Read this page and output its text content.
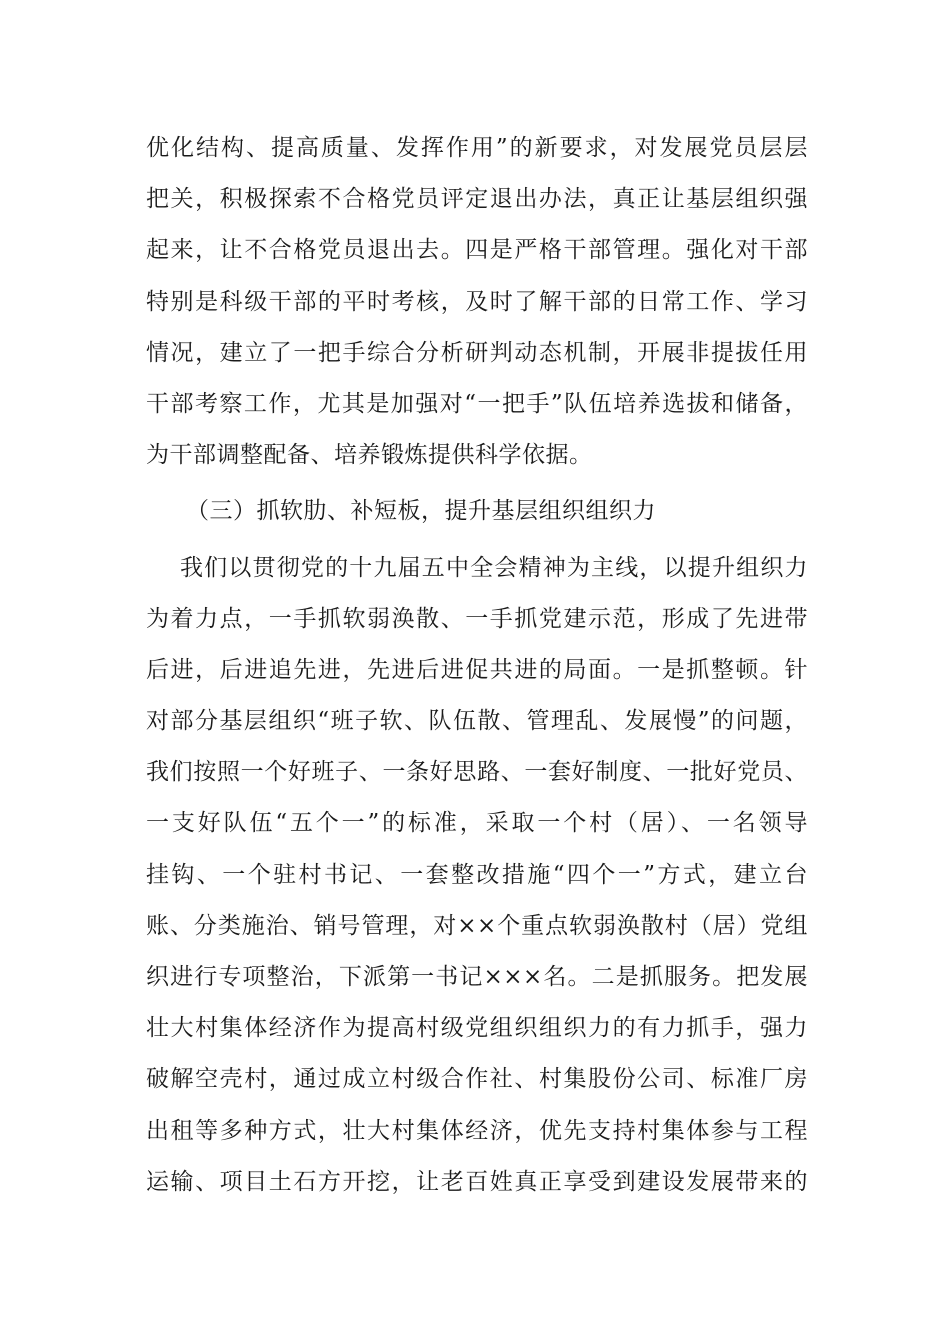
优化结构、提高质量、发挥作用”的新要求，对发展党员层层
把关，积极探索不合格党员评定退出办法，真正让基层组织强
起来，让不合格党员退出去。四是严格干部管理。强化对干部
特别是科级干部的平时考核，及时了解干部的日常工作、学习
情况，建立了一把手综合分析研判动态机制，开展非提拔任用
干部考察工作，尤其是加强对“一把手”队伍培养选拔和储备，
为干部调整配备、培养锻炼提供科学依据。
（三）抓软肋、补短板，提升基层组织组织力
我们以贯彻党的十九届五中全会精神为主线，以提升组织力
为着力点，一手抓软弱涣散、一手抓党建示范，形成了先进带
后进，后进追先进，先进后进促共进的局面。一是抓整顿。针
对部分基层组织“班子软、队伍散、管理乱、发展慢”的问题，
我们按照一个好班子、一条好思路、一套好制度、一批好党员、
一支好队伍“五个一”的标准，采取一个村（居）、一名领导
挂钩、一个驻村书记、一套整改措施“四个一”方式，建立台
账、分类施治、销号管理，对××个重点软弱涣散村（居）党组
织进行专项整治，下派第一书记×××名。二是抓服务。把发展
壮大村集体经济作为提高村级党组织组织力的有力抓手，强力
破解空壳村，通过成立村级合作社、村集股份公司、标准厂房
出租等多种方式，壮大村集体经济，优先支持村集体参与工程
运输、项目土石方开挖，让老百姓真正享受到建设发展带来的
